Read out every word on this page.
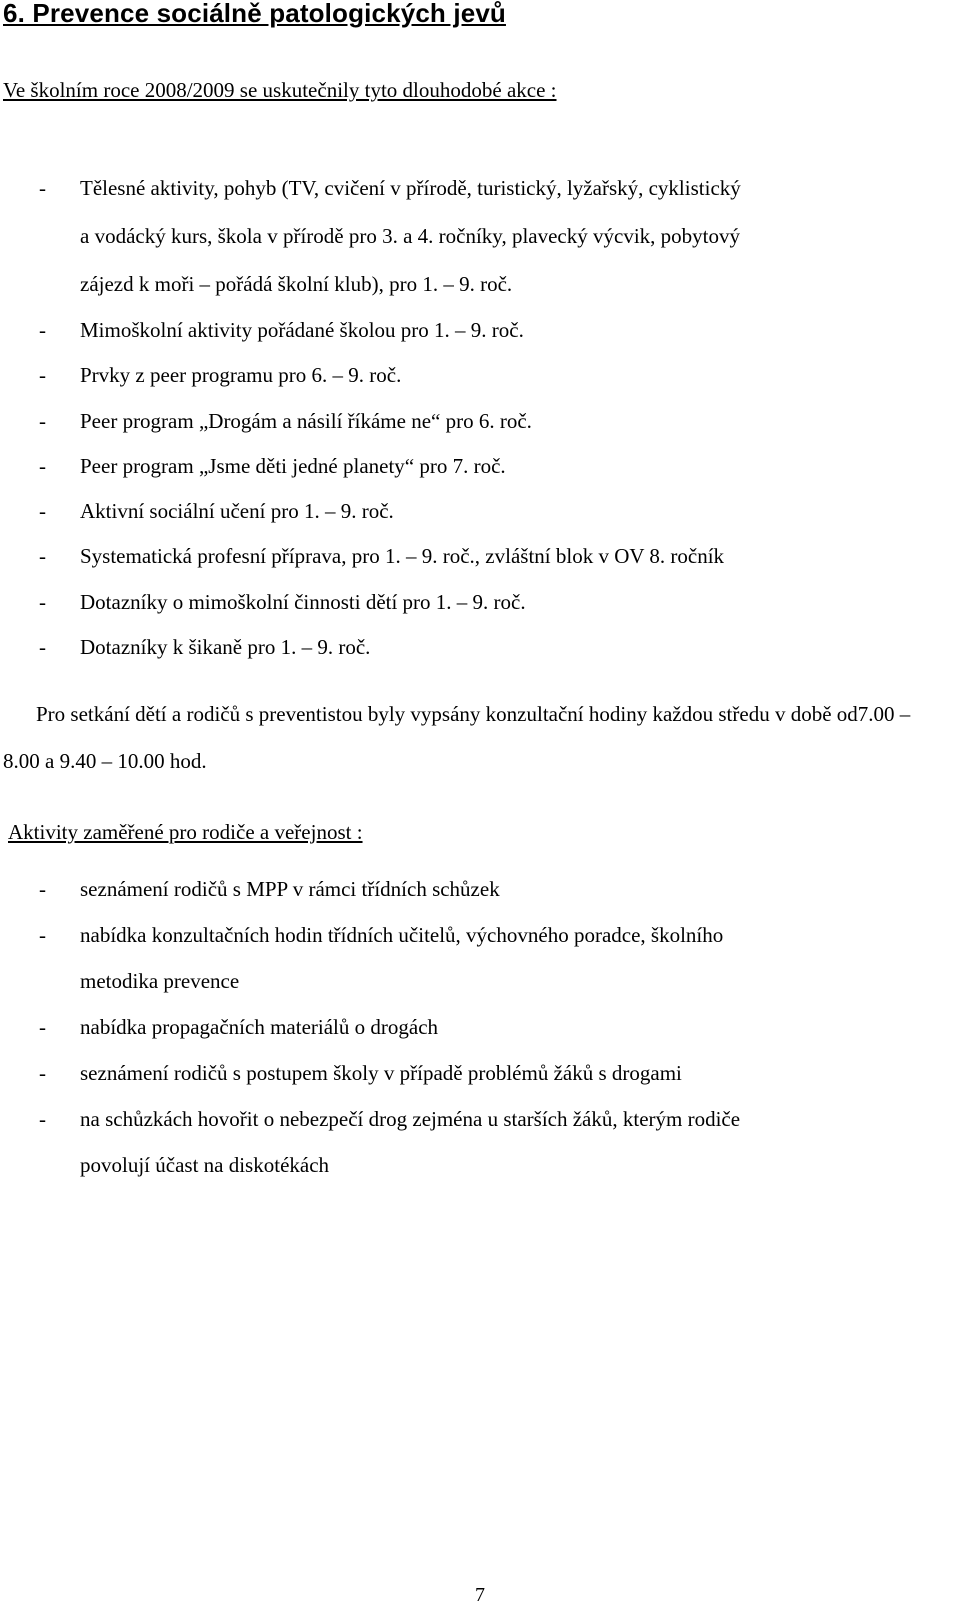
6. Prevence sociálně patologických jevů

Ve školním roce 2008/2009 se uskutečnily tyto dlouhodobé akce :

- Tělesné aktivity, pohyb (TV, cvičení v přírodě, turistický, lyžařský, cyklistický
a vodácký kurs, škola v přírodě pro 3. a 4. ročníky, plavecký výcvik, pobytový
zájezd k moři – pořádá školní klub), pro 1. – 9. roč.
- Mimoškolní aktivity pořádané školou pro 1. – 9. roč.
- Prvky z peer programu pro 6. – 9. roč.
- Peer program „Drogám a násilí říkáme ne“ pro 6. roč.
- Peer program „Jsme děti jedné planety“ pro 7. roč.
- Aktivní sociální učení pro 1. – 9. roč.
- Systematická profesní příprava, pro 1. – 9. roč., zvláštní blok v OV 8. ročník
- Dotazníky o mimoškolní činnosti dětí pro 1. – 9. roč.
- Dotazníky k šikaně pro 1. – 9. roč.

Pro setkání dětí a rodičů s preventistou byly vypsány konzultační hodiny každou středu v době od7.00 – 8.00 a 9.40 – 10.00 hod.

Aktivity zaměřené pro rodiče a veřejnost :

- seznámení rodičů s MPP v rámci třídních schůzek
- nabídka konzultačních hodin třídních učitelů, výchovného poradce, školního
metodika prevence
- nabídka propagačních materiálů o drogách
- seznámení rodičů s postupem školy v případě problémů žáků s drogami
- na schůzkách hovořit o nebezpečí drog zejména u starších žáků, kterým rodiče
povolují účast na diskotékách
7
